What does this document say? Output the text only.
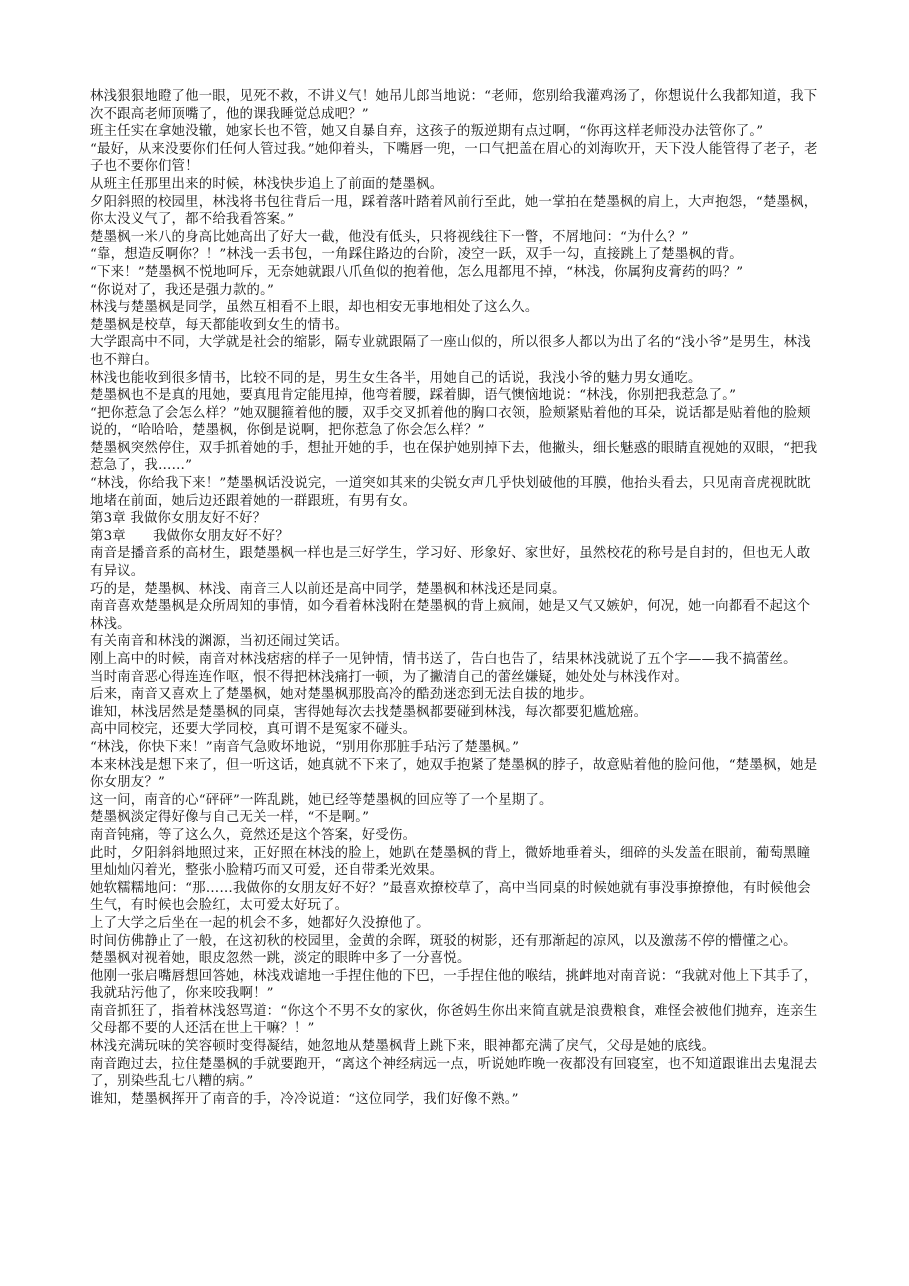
林浅狠狠地瞪了他一眼，见死不救，不讲义气！她吊儿郎当地说：“老师，您别给我灌鸡汤了，你想说什么我都知道，我下次不跟高老师顶嘴了，他的课我睡觉总成吧？”

班主任实在拿她没辙，她家长也不管，她又自暴自弃，这孩子的叛逆期有点过啊，“你再这样老师没办法管你了。”

“最好，从来没要你们任何人管过我。”她仰着头，下嘴唇一兜，一口气把盖在眉心的刘海吹开，天下没人能管得了老子，老子也不要你们管！

从班主任那里出来的时候，林浅快步追上了前面的楚墨枫。

夕阳斜照的校园里，林浅将书包往背后一甩，踩着落叶踏着风前行至此，她一掌拍在楚墨枫的肩上，大声抱怨，“楚墨枫，你太没义气了，都不给我看答案。”

楚墨枫一米八的身高比她高出了好大一截，他没有低头，只将视线往下一瞥，不屑地问：“为什么？”

“靠，想造反啊你？！”林浅一丢书包，一角踩住路边的台阶，凌空一跃，双手一勾，直接跳上了楚墨枫的背。

“下来！”楚墨枫不悦地呵斥，无奈她就跟八爪鱼似的抱着他，怎么甩都甩不掉，“林浅，你属狗皮膏药的吗？”

“你说对了，我还是强力款的。”

林浅与楚墨枫是同学，虽然互相看不上眼，却也相安无事地相处了这么久。

楚墨枫是校草，每天都能收到女生的情书。

大学跟高中不同，大学就是社会的缩影，隔专业就跟隔了一座山似的，所以很多人都以为出了名的“浅小爷”是男生，林浅也不辩白。

林浅也能收到很多情书，比较不同的是，男生女生各半，用她自己的话说，我浅小爷的魅力男女通吃。

楚墨枫也不是真的甩她，要真甩肯定能甩掉，他弯着腰，踩着脚，语气懊恼地说：“林浅，你别把我惹急了。”

“把你惹急了会怎么样？”她双腿箍着他的腰，双手交叉抓着他的胸口衣领，脸颊紧贴着他的耳朵，说话都是贴着他的脸颊说的，“哈哈哈，楚墨枫，你倒是说啊，把你惹急了你会怎么样？”

楚墨枫突然停住，双手抓着她的手，想扯开她的手，也在保护她别掉下去，他撇头，细长魅惑的眼睛直视她的双眼，“把我惹急了，我……”

“林浅，你给我下来！”楚墨枫话没说完，一道突如其来的尖锐女声几乎快划破他的耳膜，他抬头看去，只见南音虎视眈眈地堵在前面，她后边还跟着她的一群跟班，有男有女。

第3章 我做你女朋友好不好？

第3章　　我做你女朋友好不好？

南音是播音系的高材生，跟楚墨枫一样也是三好学生，学习好、形象好、家世好，虽然校花的称号是自封的，但也无人敢有异议。

巧的是，楚墨枫、林浅、南音三人以前还是高中同学，楚墨枫和林浅还是同桌。

南音喜欢楚墨枫是众所周知的事情，如今看着林浅附在楚墨枫的背上疯闹，她是又气又嫉妒，何况，她一向都看不起这个林浅。

有关南音和林浅的渊源，当初还闹过笑话。

刚上高中的时候，南音对林浅痞痞的样子一见钟情，情书送了，告白也告了，结果林浅就说了五个字——我不搞蕾丝。

当时南音恶心得连连作呕，恨不得把林浅痛打一顿，为了撇清自己的蕾丝嫌疑，她处处与林浅作对。

后来，南音又喜欢上了楚墨枫，她对楚墨枫那股高冷的酷劲迷恋到无法自拔的地步。

谁知，林浅居然是楚墨枫的同桌，害得她每次去找楚墨枫都要碰到林浅，每次都要犯尴尬癌。

高中同校完，还要大学同校，真可谓不是冤家不碰头。

“林浅，你快下来！”南音气急败坏地说，“别用你那脏手玷污了楚墨枫。”

本来林浅是想下来了，但一听这话，她真就不下来了，她双手抱紧了楚墨枫的脖子，故意贴着他的脸问他，“楚墨枫，她是你女朋友？”

这一问，南音的心“砰砰”一阵乱跳，她已经等楚墨枫的回应等了一个星期了。

楚墨枫淡定得好像与自己无关一样，“不是啊。”

南音钝痛，等了这么久，竟然还是这个答案，好受伤。

此时，夕阳斜斜地照过来，正好照在林浅的脸上，她趴在楚墨枫的背上，微娇地垂着头，细碎的头发盖在眼前，葡萄黑瞳里灿灿闪着光，整张小脸精巧而又可爱，还自带柔光效果。

她软糯糯地问：“那……我做你的女朋友好不好？”最喜欢撩校草了，高中当同桌的时候她就有事没事撩撩他，有时候他会生气，有时候也会脸红，太可爱太好玩了。

上了大学之后坐在一起的机会不多，她都好久没撩他了。

时间仿佛静止了一般，在这初秋的校园里，金黄的余晖，斑驳的树影，还有那渐起的凉风，以及激荡不停的懵懂之心。

楚墨枫对视着她，眼皮忽然一跳，淡定的眼眸中多了一分喜悦。

他刚一张启嘴唇想回答她，林浅戏谑地一手捏住他的下巴，一手捏住他的喉结，挑衅地对南音说：“我就对他上下其手了，我就玷污他了，你来咬我啊！”

南音抓狂了，指着林浅怒骂道：“你这个不男不女的家伙，你爸妈生你出来简直就是浪费粮食，难怪会被他们抛弃，连亲生父母都不要的人还活在世上干嘛？！”

林浅充满玩味的笑容顿时变得凝结，她忽地从楚墨枫背上跳下来，眼神都充满了戾气，父母是她的底线。

南音跑过去，拉住楚墨枫的手就要跑开，“离这个神经病远一点，听说她昨晚一夜都没有回寝室，也不知道跟谁出去鬼混去了，别染些乱七八糟的病。”

谁知，楚墨枫挥开了南音的手，冷冷说道：“这位同学，我们好像不熟。”
